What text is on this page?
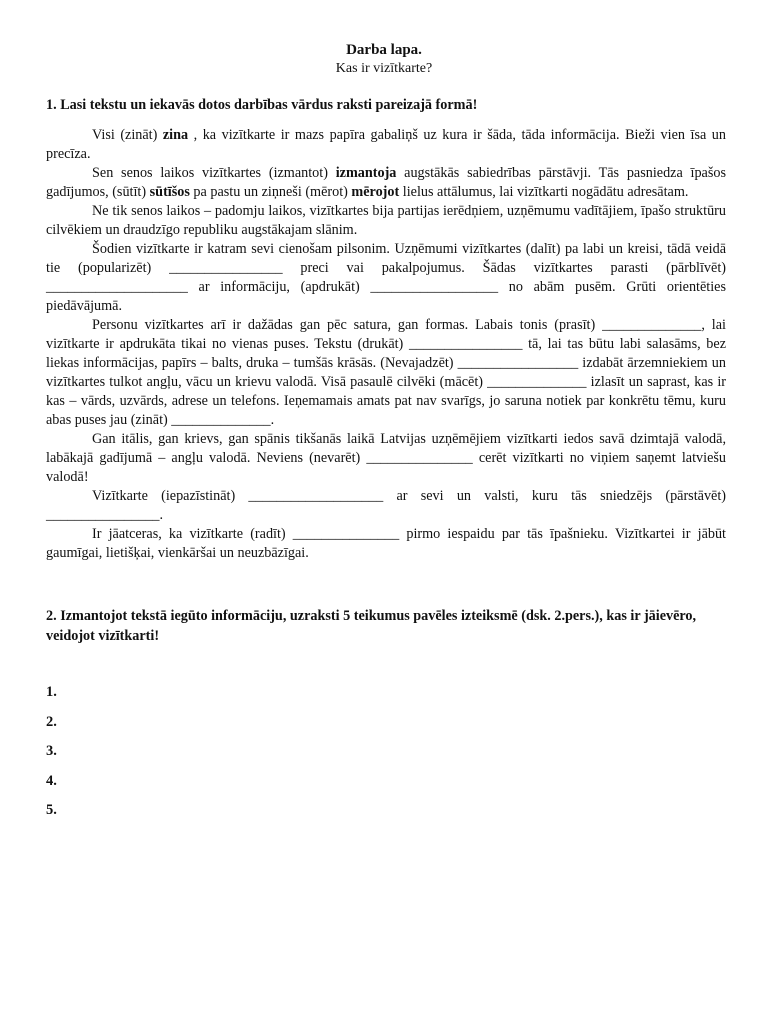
Darba lapa.
Kas ir vizītkarte?
1. Lasi tekstu un iekavās dotos darbības vārdus raksti pareizajā formā!

Visi (zināt) zina , ka vizītkarte ir mazs papīra gabaliņš uz kura ir šāda, tāda informācija. Bieži vien īsa un precīza.

Sen senos laikos vizītkartes (izmantot) izmantoja augstākās sabiedrības pārstāvji. Tās pasniedza īpašos gadījumos, (sūtīt) sūtīšos pa pastu un ziņneši (mērot) mērojot lielus attālumus, lai vizītkarti nogādātu adresātam.

Ne tik senos laikos – padomju laikos, vizītkartes bija partijas ierēdņiem, uzņēmumu vadītājiem, īpašo struktūru cilvēkiem un draudzīgo republiku augstākajam slānim.

Šodien vizītkarte ir katram sevi cienošam pilsonim. Uzņēmumi vizītkartes (dalīt) pa labi un kreisi, tādā veidā tie (popularizēt) ________________ preci vai pakalpojumus. Šādas vizītkartes parasti (pārblīvēt) ____________________ ar informāciju, (apdrukāt) __________________ no abām pusēm. Grūti orientēties piedāvājumā.

Personu vizītkartes arī ir dažādas gan pēc satura, gan formas. Labais tonis (prasīt) ______________, lai vizītkarte ir apdrukāta tikai no vienas puses. Tekstu (drukāt) ________________ tā, lai tas būtu labi salasāms, bez liekas informācijas, papīrs – balts, druka – tumšās krāsās. (Nevajadzēt) _________________ izdabāt ārzemniekiem un vizītkartes tulkot angļu, vācu un krievu valodā. Visā pasaulē cilvēki (mācēt) ______________ izlasīt un saprast, kas ir kas – vārds, uzvārds, adrese un telefons. Ieņemamais amats pat nav svarīgs, jo saruna notiek par konkrētu tēmu, kuru abas puses jau (zināt) ______________.

Gan itālis, gan krievs, gan spānis tikšanās laikā Latvijas uzņēmējiem vizītkarti iedos savā dzimtajā valodā, labākajā gadījumā – angļu valodā. Neviens (nevarēt) _______________ cerēt vizītkarti no viņiem saņemt latviešu valodā!

Vizītkarte (iepazīstināt) ___________________ ar sevi un valsti, kuru tās sniedzējs (pārstāvēt) ________________.

Ir jāatceras, ka vizītkarte (radīt) _______________ pirmo iespaidu par tās īpašnieku. Vizītkartei ir jābūt gaumīgai, lietišķai, vienkāršai un neuzbāzīgai.

2. Izmantojot tekstā iegūto informāciju, uzraksti 5 teikumus pavēles izteiksmē (dsk. 2.pers.), kas ir jāievēro, veidojot vizītkarti!
1.
2.
3.
4.
5.
